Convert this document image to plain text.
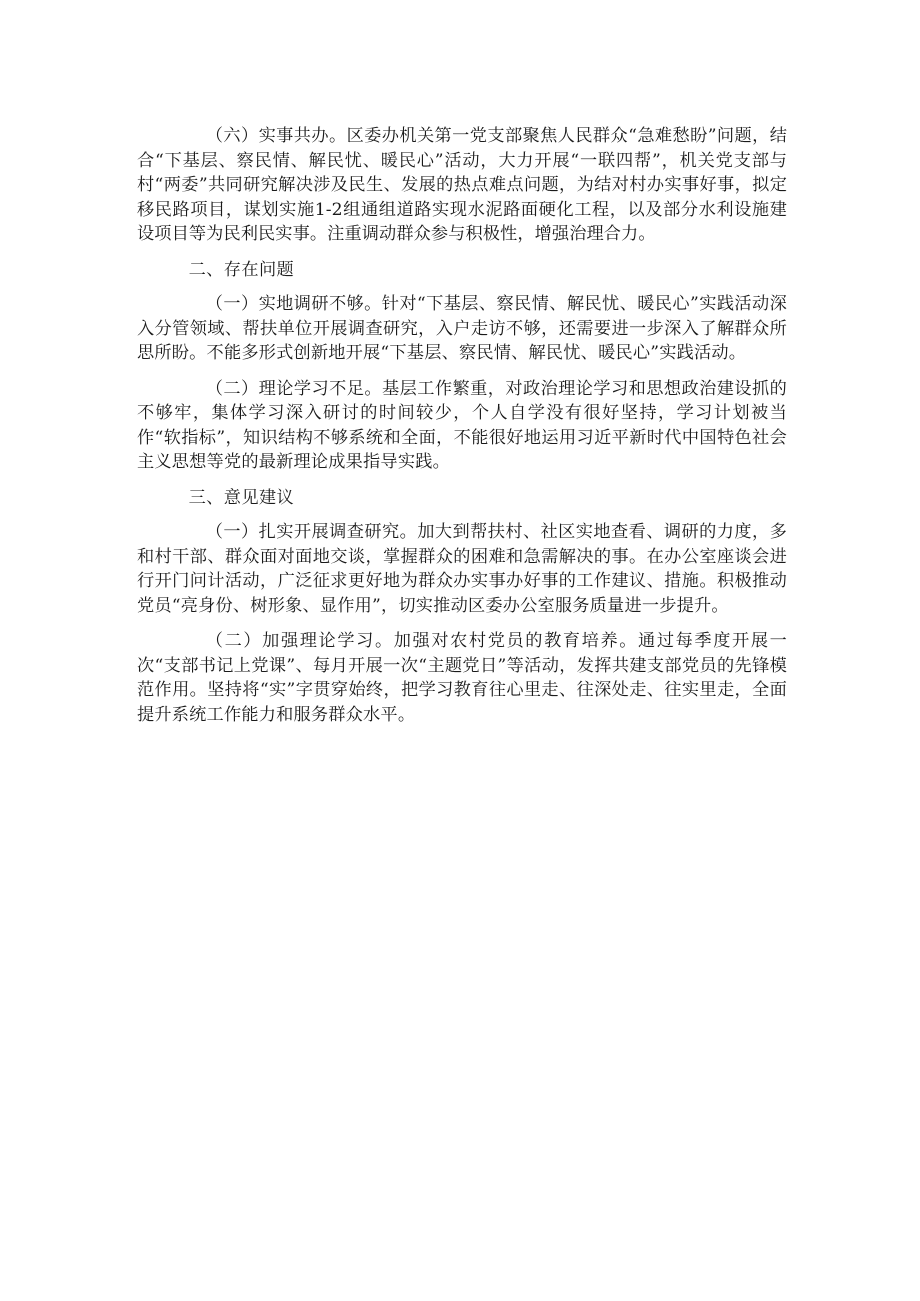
（六）实事共办。区委办机关第一党支部聚焦人民群众“急难愁盼”问题，结合“下基层、察民情、解民忧、暖民心”活动，大力开展“一联四帮”，机关党支部与村“两委”共同研究解决涉及民生、发展的热点难点问题，为结对村办实事好事，拟定移民路项目，谋划实施1-2组通组道路实现水泥路面硬化工程，以及部分水利设施建设项目等为民利民实事。注重调动群众参与积极性，增强治理合力。

二、存在问题

（一）实地调研不够。针对“下基层、察民情、解民忧、暖民心”实践活动深入分管领域、帮扶单位开展调查研究，入户走访不够，还需要进一步深入了解群众所思所盼。不能多形式创新地开展“下基层、察民情、解民忧、暖民心”实践活动。

（二）理论学习不足。基层工作繁重，对政治理论学习和思想政治建设抓的不够牢，集体学习深入研讨的时间较少，个人自学没有很好坚持，学习计划被当作“软指标”，知识结构不够系统和全面，不能很好地运用习近平新时代中国特色社会主义思想等党的最新理论成果指导实践。

三、意见建议

（一）扎实开展调查研究。加大到帮扶村、社区实地查看、调研的力度，多和村干部、群众面对面地交谈，掌握群众的困难和急需解决的事。在办公室座谈会进行开门问计活动，广泛征求更好地为群众办实事办好事的工作建议、措施。积极推动党员“亮身份、树形象、显作用”，切实推动区委办公室服务质量进一步提升。

（二）加强理论学习。加强对农村党员的教育培养。通过每季度开展一次“支部书记上党课”、每月开展一次“主题党日”等活动，发挥共建支部党员的先锋模范作用。坚持将“实”字贯穿始终，把学习教育往心里走、往深处走、往实里走，全面提升系统工作能力和服务群众水平。
